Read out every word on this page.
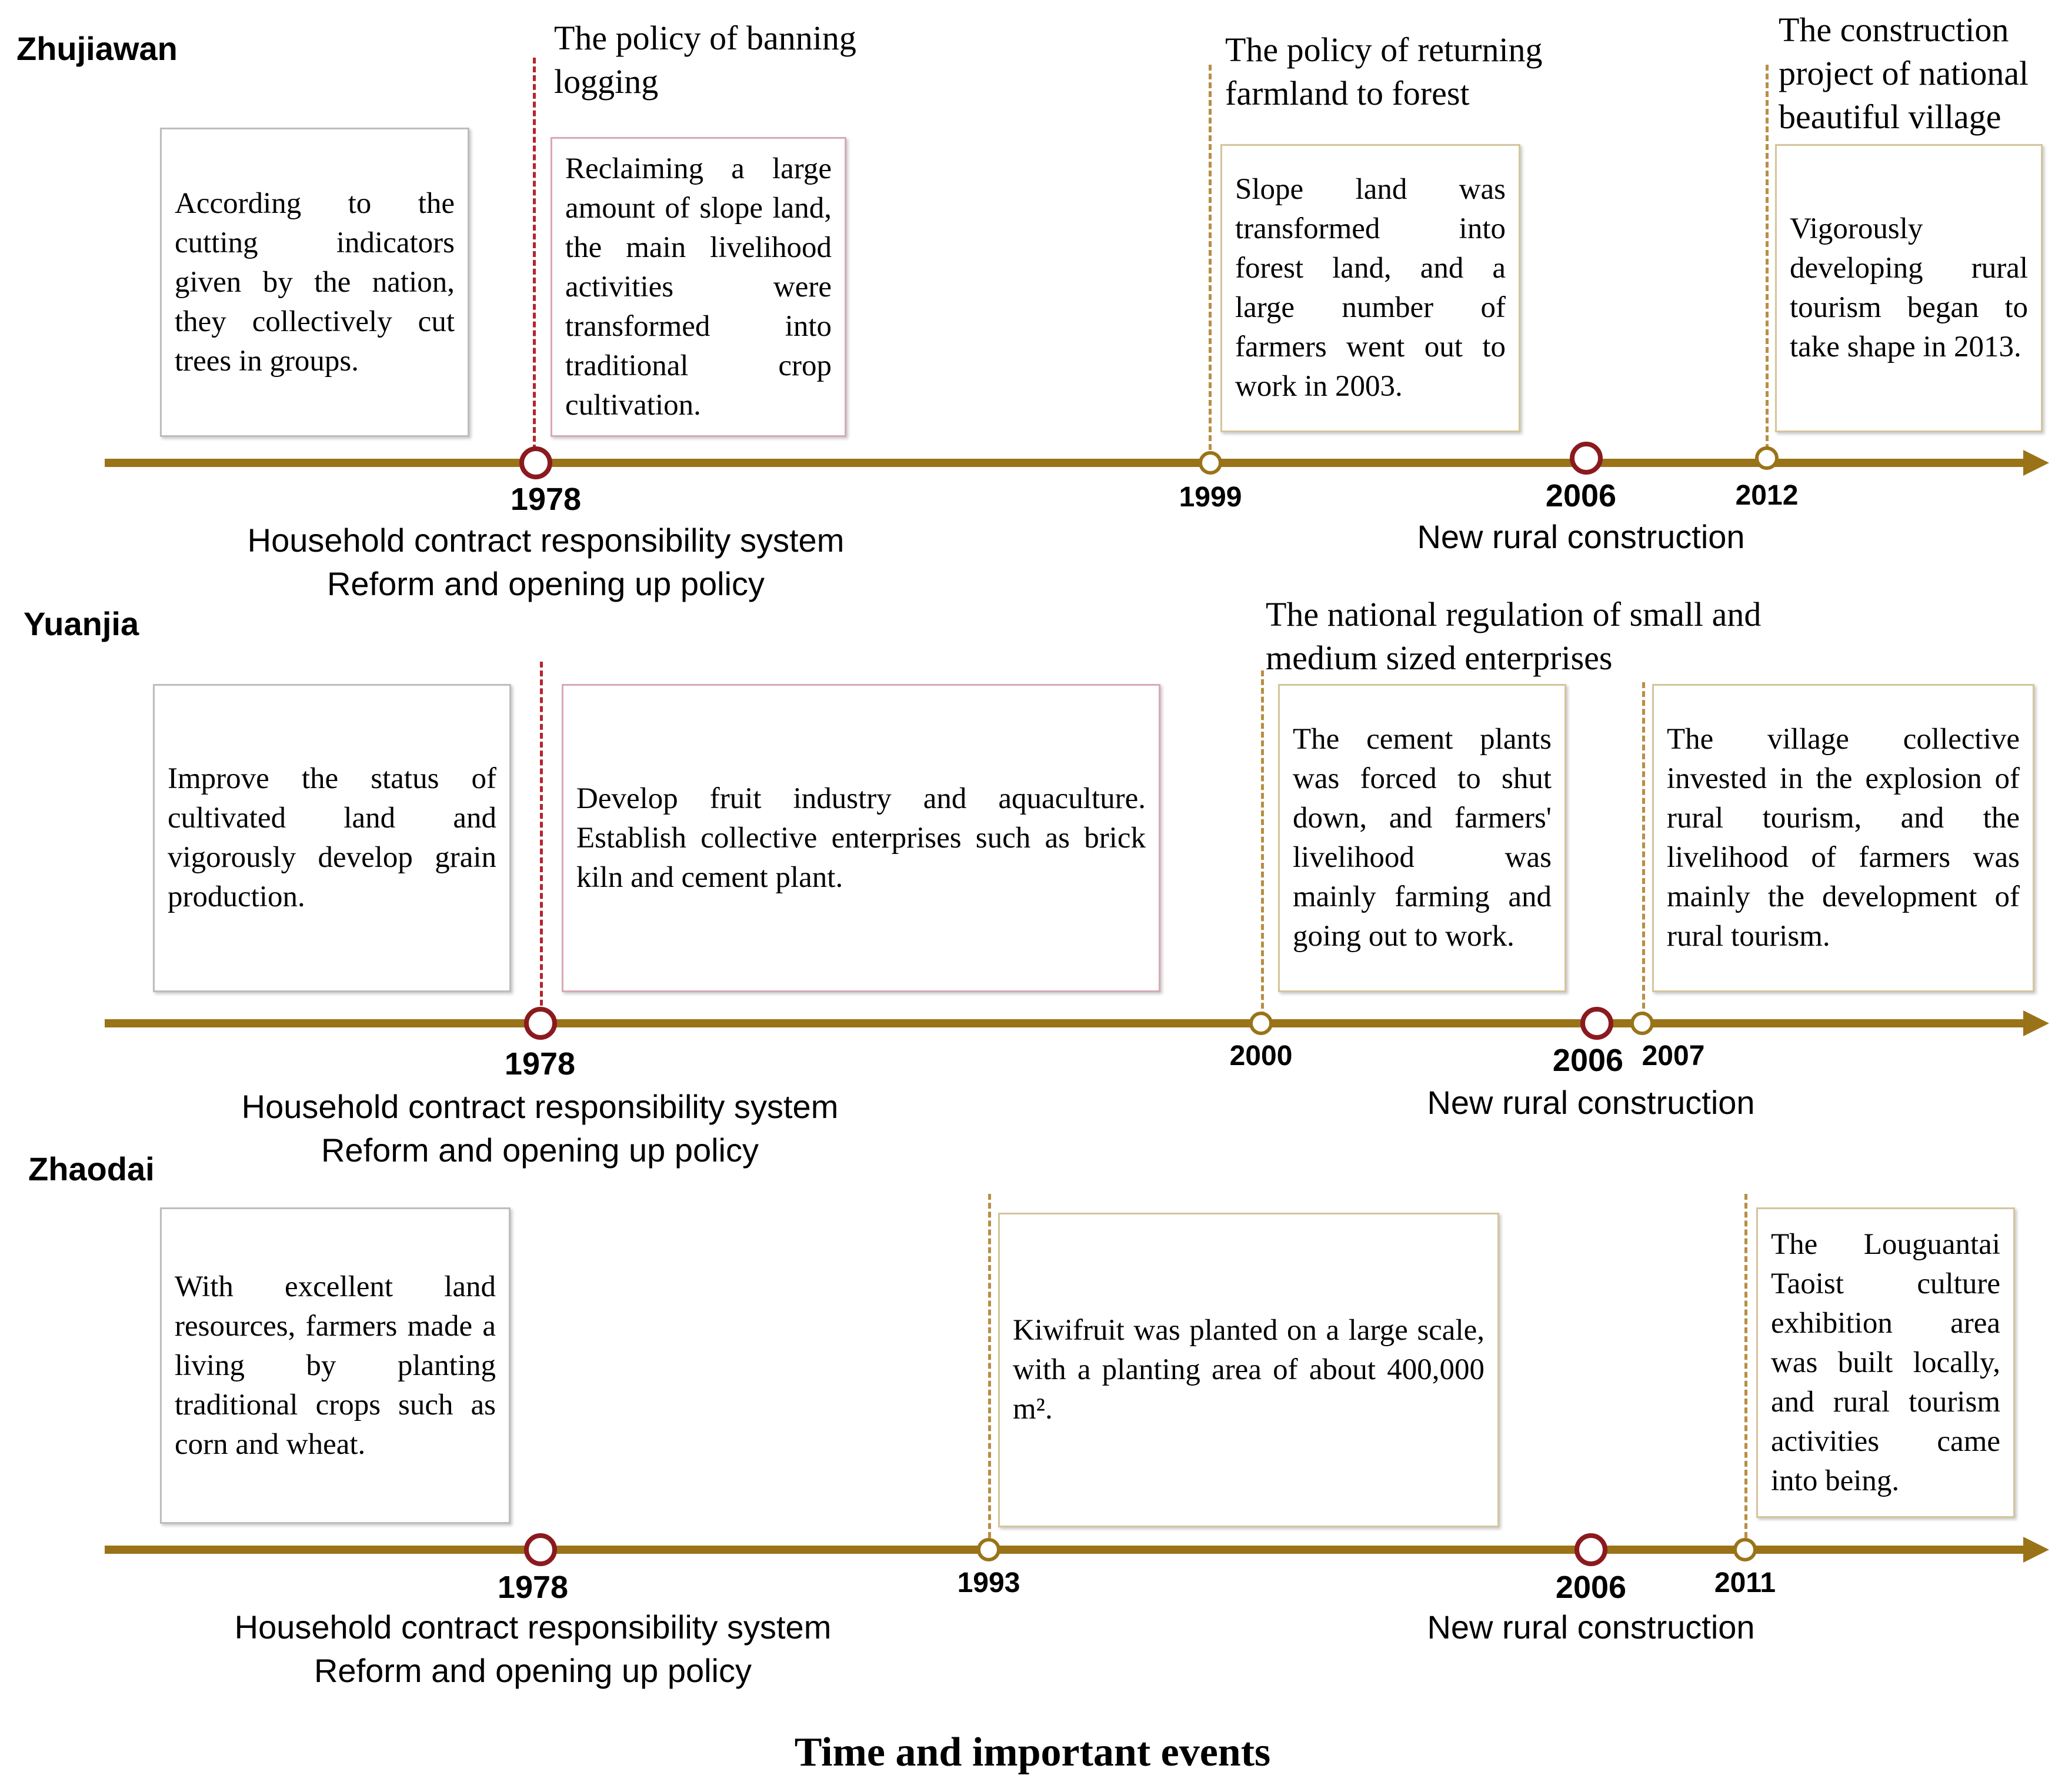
Zhujiawan	The policy of banning logging
The policy of returning farmland to forest
The construction project of national beautiful village
According to the cutting indicators given by the nation, they collectively cut trees in groups.
Reclaiming a large amount of slope land, the main livelihood activities were transformed into traditional crop cultivation.
Slope land was transformed into forest land, and a large number of farmers went out to work in 2003.
Vigorously developing rural tourism began to take shape in 2013.
1978	1999	2006	2012
Household contract responsibility system
Reform and opening up policy
New rural construction
Yuanjia	The national regulation of small and medium sized enterprises
Improve the status of cultivated land and vigorously develop grain production.
Develop fruit industry and aquaculture. Establish collective enterprises such as brick kiln and cement plant.
The cement plants was forced to shut down, and farmers' livelihood was mainly farming and going out to work.
The village collective invested in the explosion of rural tourism, and the livelihood of farmers was mainly the development of rural tourism.
1978	2000	2006 2007
Household contract responsibility system
Reform and opening up policy
New rural construction
Zhaodai
With excellent land resources, farmers made a living by planting traditional crops such as corn and wheat.
Kiwifruit was planted on a large scale, with a planting area of about 400,000 m².
The Louguantai Taoist culture exhibition area was built locally, and rural tourism activities came into being.
1978	1993	2006	2011
Household contract responsibility system
Reform and opening up policy
New rural construction
Time and important events
